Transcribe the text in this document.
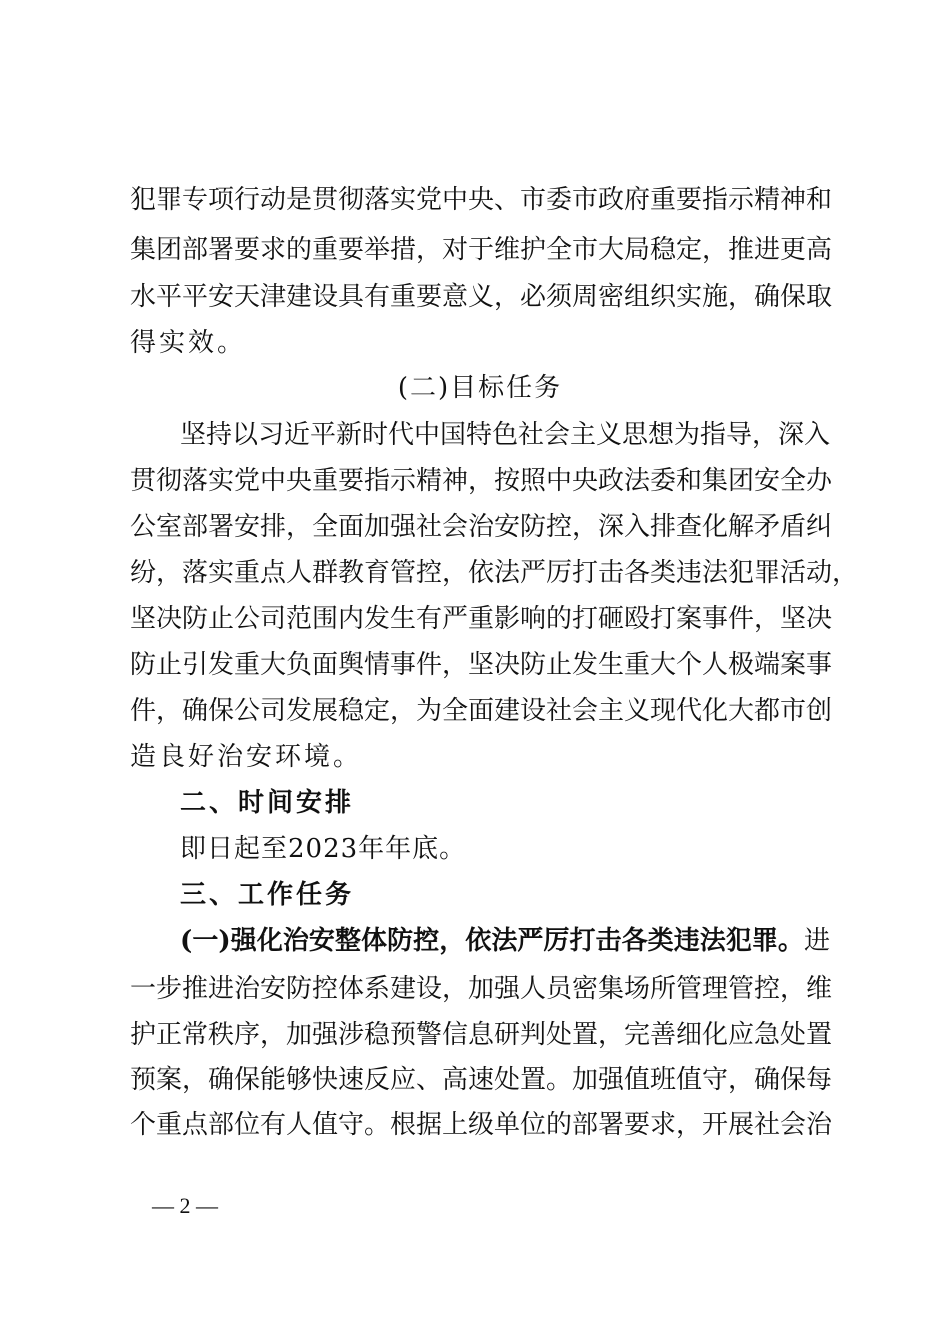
犯罪专项行动是贯彻落实党中央、市委市政府重要指示精神和
集团部署要求的重要举措，对于维护全市大局稳定，推进更高
水平平安天津建设具有重要意义，必须周密组织实施，确保取
得实效。
(二)目标任务
坚持以习近平新时代中国特色社会主义思想为指导，深入
贯彻落实党中央重要指示精神，按照中央政法委和集团安全办
公室部署安排，全面加强社会治安防控，深入排查化解矛盾纠
纷，落实重点人群教育管控，依法严厉打击各类违法犯罪活动，
坚决防止公司范围内发生有严重影响的打砸殴打案事件，坚决
防止引发重大负面舆情事件，坚决防止发生重大个人极端案事
件，确保公司发展稳定，为全面建设社会主义现代化大都市创
造良好治安环境。
二、时间安排
即日起至2023年年底。
三、工作任务
(一)强化治安整体防控，依法严厉打击各类违法犯罪。进
一步推进治安防控体系建设，加强人员密集场所管理管控，维
护正常秩序，加强涉稳预警信息研判处置，完善细化应急处置
预案，确保能够快速反应、高速处置。加强值班值守，确保每
个重点部位有人值守。根据上级单位的部署要求，开展社会治
— 2 —
